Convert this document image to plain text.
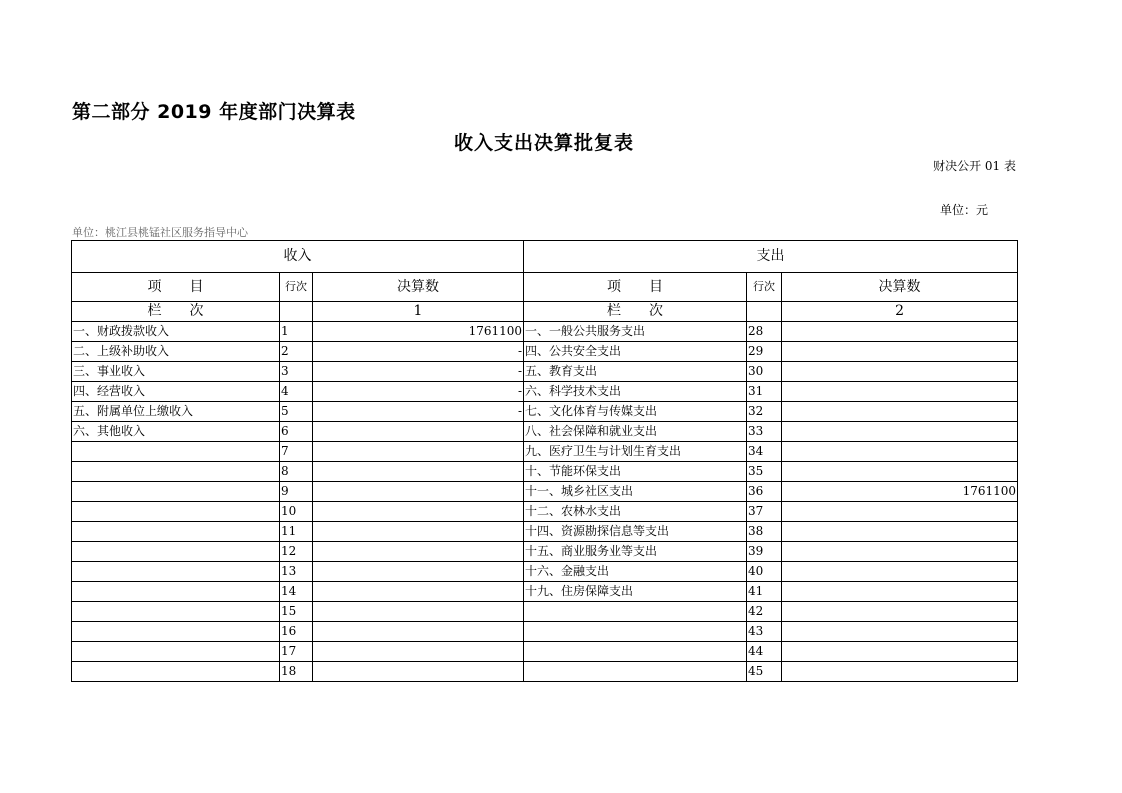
第二部分 2019 年度部门决算表
收入支出决算批复表
财决公开 01 表
单位：元
单位：桃江县桃锰社区服务指导中心
收入			支出		
项　　目	行次	决算数	项　　目	行次	决算数
栏　　次		1	栏　　次		2
一、财政拨款收入	1	1761100	一、一般公共服务支出	28	
二、上级补助收入	2	-	四、公共安全支出	29	
三、事业收入	3	-	五、教育支出	30	
四、经营收入	4	-	六、科学技术支出	31	
五、附属单位上缴收入	5	-	七、文化体育与传媒支出	32	
六、其他收入	6		八、社会保障和就业支出	33	
	7		九、医疗卫生与计划生育支出	34	
	8		十、节能环保支出	35	
	9		十一、城乡社区支出	36	1761100
	10		十二、农林水支出	37	
	11		十四、资源勘探信息等支出	38	
	12		十五、商业服务业等支出	39	
	13		十六、金融支出	40	
	14		十九、住房保障支出	41	
	15			42	
	16			43	
	17			44	
	18			45	
